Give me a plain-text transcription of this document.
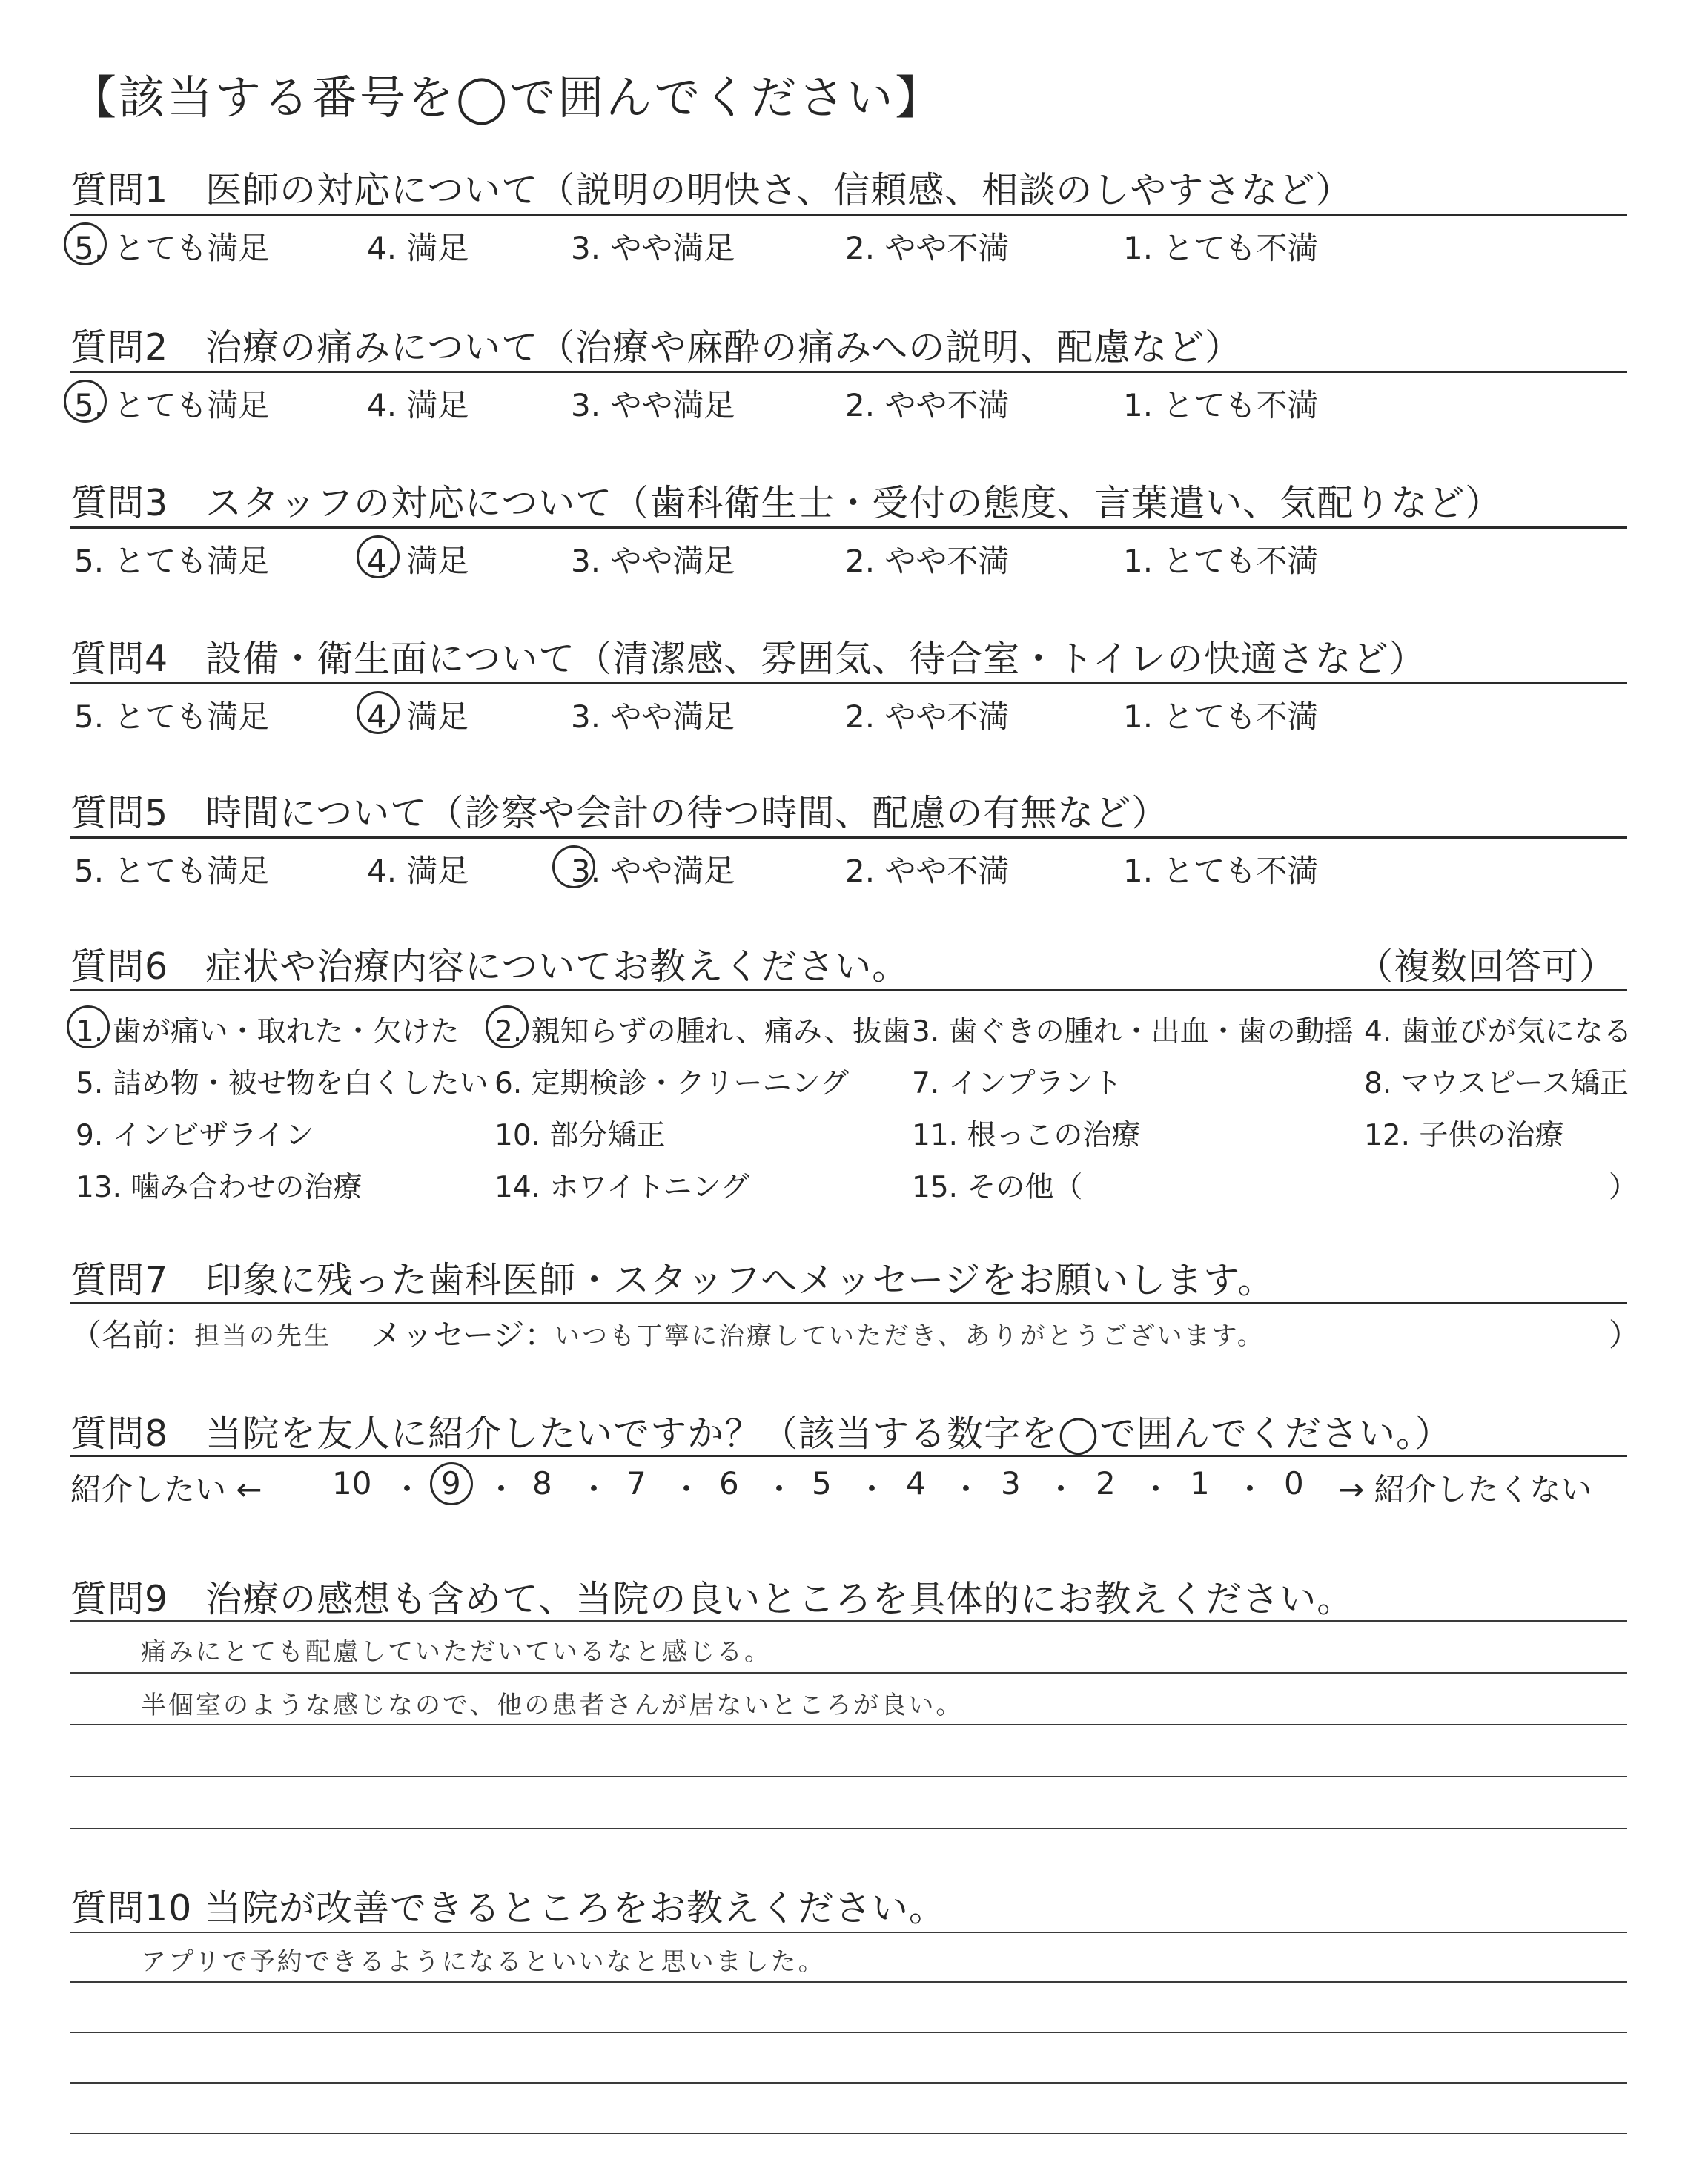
【該当する番号を◯で囲んでください】
質問1　医師の対応について（説明の明快さ、信頼感、相談のしやすさなど）
5. とても満足	4. 満足	3. やや満足	2. やや不満	1. とても不満
質問2　治療の痛みについて（治療や麻酔の痛みへの説明、配慮など）
5. とても満足	4. 満足	3. やや満足	2. やや不満	1. とても不満
質問3　スタッフの対応について（歯科衛生士・受付の態度、言葉遣い、気配りなど）
5. とても満足	4. 満足	3. やや満足	2. やや不満	1. とても不満
質問4　設備・衛生面について（清潔感、雰囲気、待合室・トイレの快適さなど）
5. とても満足	4. 満足	3. やや満足	2. やや不満	1. とても不満
質問5　時間について（診察や会計の待つ時間、配慮の有無など）
5. とても満足	4. 満足	3. やや満足	2. やや不満	1. とても不満
質問6　症状や治療内容についてお教えください。	（複数回答可）
1. 歯が痛い・取れた・欠けた 2. 親知らずの腫れ、痛み、抜歯 3. 歯ぐきの腫れ・出血・歯の動揺 4. 歯並びが気になる
5. 詰め物・被せ物を白くしたい 6. 定期検診・クリーニング 7. インプラント	8. マウスピース矯正
9. インビザライン	10. 部分矯正	11. 根っこの治療	12. 子供の治療
13. 噛み合わせの治療	14. ホワイトニング	15. その他（	）
質問7　印象に残った歯科医師・スタッフへメッセージをお願いします。
（名前：
担当の先生 メッセージ：
いつも丁寧に治療していただき、ありがとうございます。	）
質問8　当院を友人に紹介したいですか？（該当する数字を◯で囲んでください。）
紹介したい ← 10 ・ 9 ・ 8 ・ 7 ・ 6 ・ 5 ・ 4 ・ 3 ・ 2 ・ 1 ・ 0 → 紹介したくない
質問9　治療の感想も含めて、当院の良いところを具体的にお教えください。
痛みにとても配慮していただいているなと感じる。
半個室のような感じなので、他の患者さんが居ないところが良い。
質問10 当院が改善できるところをお教えください。
アプリで予約できるようになるといいなと思いました。
